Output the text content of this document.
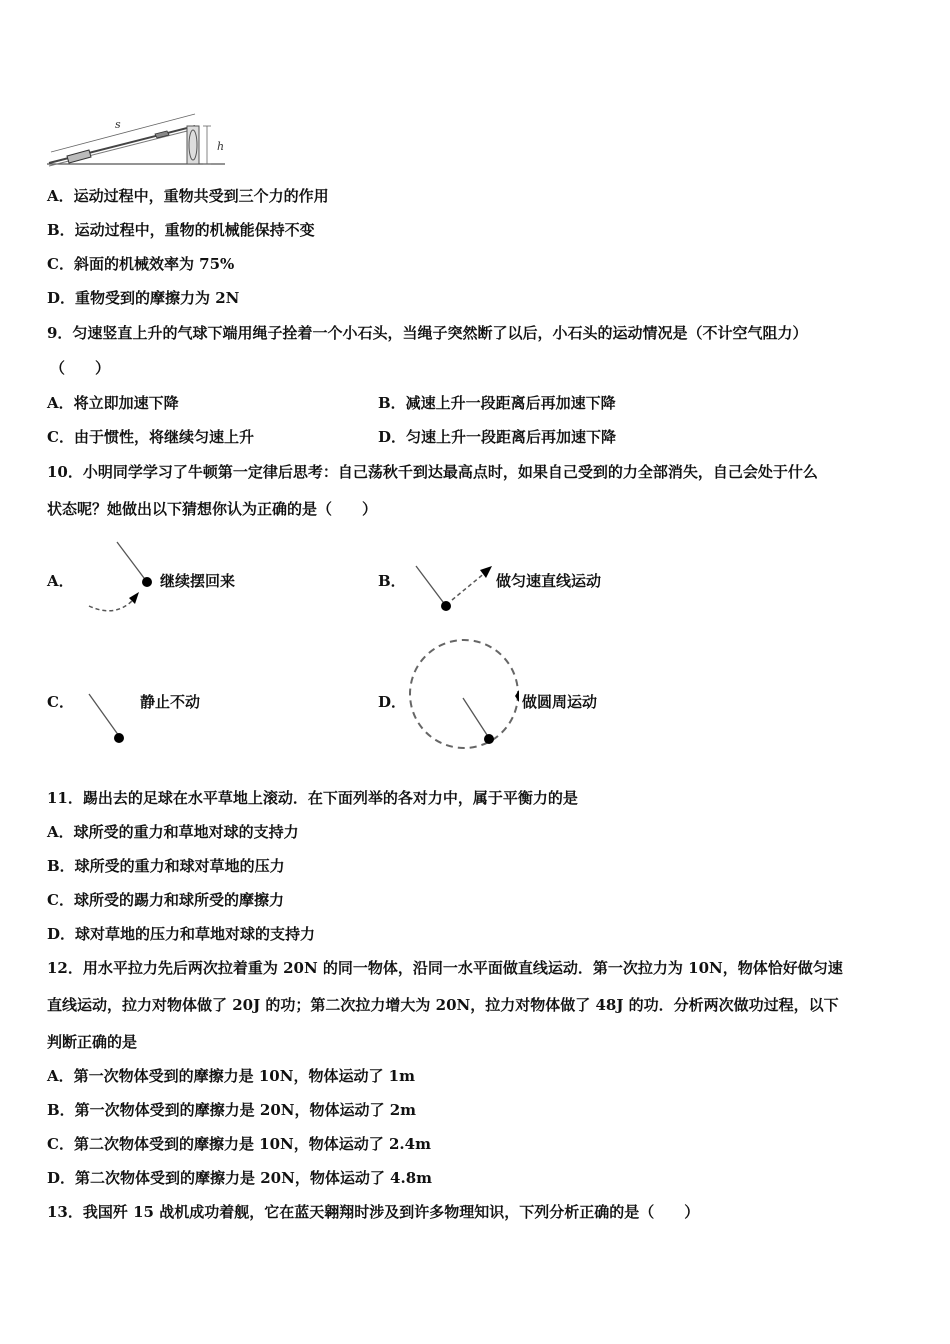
s
h
A．运动过程中，重物共受到三个力的作用
B．运动过程中，重物的机械能保持不变
C．斜面的机械效率为 75%
D．重物受到的摩擦力为 2N
9．匀速竖直上升的气球下端用绳子拴着一个小石头，当绳子突然断了以后，小石头的运动情况是（不计空气阻力）
（　　）
A．将立即加速下降	B．减速上升一段距离后再加速下降
C．由于惯性，将继续匀速上升	D．匀速上升一段距离后再加速下降
10．小明同学学习了牛顿第一定律后思考：自己荡秋千到达最高点时，如果自己受到的力全部消失，自己会处于什么
状态呢？她做出以下猜想你认为正确的是（　　）
A．	继续摆回来	B．	做匀速直线运动
C．	静止不动	D．	做圆周运动
11．踢出去的足球在水平草地上滚动．在下面列举的各对力中，属于平衡力的是
A．球所受的重力和草地对球的支持力
B．球所受的重力和球对草地的压力
C．球所受的踢力和球所受的摩擦力
D．球对草地的压力和草地对球的支持力
12．用水平拉力先后两次拉着重为 20N 的同一物体，沿同一水平面做直线运动．第一次拉力为 10N，物体恰好做匀速
直线运动，拉力对物体做了 20J 的功；第二次拉力增大为 20N，拉力对物体做了 48J 的功．分析两次做功过程，以下
判断正确的是
A．第一次物体受到的摩擦力是 10N，物体运动了 1m
B．第一次物体受到的摩擦力是 20N，物体运动了 2m
C．第二次物体受到的摩擦力是 10N，物体运动了 2.4m
D．第二次物体受到的摩擦力是 20N，物体运动了 4.8m
13．我国歼 15 战机成功着舰，它在蓝天翱翔时涉及到许多物理知识，下列分析正确的是（　　）
